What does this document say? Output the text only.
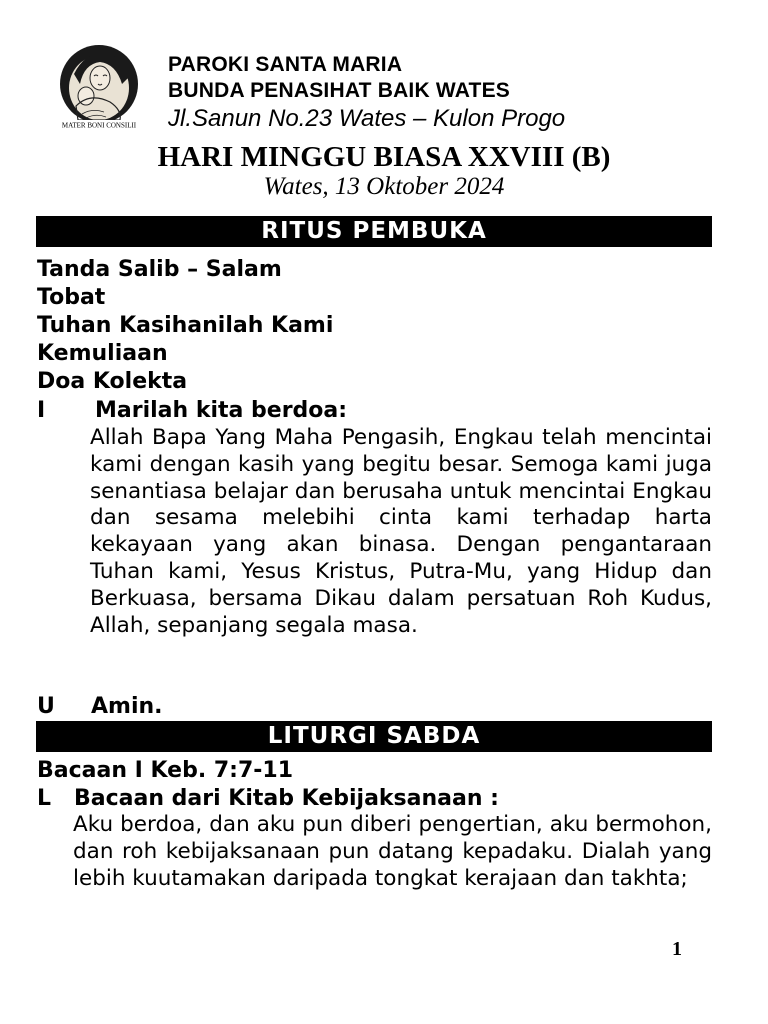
MATER BONI CONSILII
PAROKI SANTA MARIA
BUNDA PENASIHAT BAIK WATES
Jl.Sanun No.23 Wates – Kulon Progo
HARI MINGGU BIASA XXVIII (B)
Wates, 13 Oktober 2024
RITUS PEMBUKA
Tanda Salib – Salam
Tobat
Tuhan Kasihanilah Kami
Kemuliaan
Doa Kolekta
I Marilah kita berdoa:
Allah Bapa Yang Maha Pengasih, Engkau telah mencintai kami dengan kasih yang begitu besar. Semoga kami juga senantiasa belajar dan berusaha untuk mencintai Engkau dan sesama melebihi cinta kami terhadap harta kekayaan yang akan binasa. Dengan pengantaraan Tuhan kami, Yesus Kristus, Putra-Mu, yang Hidup dan Berkuasa, bersama Dikau dalam persatuan Roh Kudus, Allah, sepanjang segala masa.
U Amin.
LITURGI SABDA
Bacaan I Keb. 7:7-11
L Bacaan dari Kitab Kebijaksanaan :
Aku berdoa, dan aku pun diberi pengertian, aku bermohon, dan roh kebijaksanaan pun datang kepadaku. Dialah yang lebih kuutamakan daripada tongkat kerajaan dan takhta;
1
